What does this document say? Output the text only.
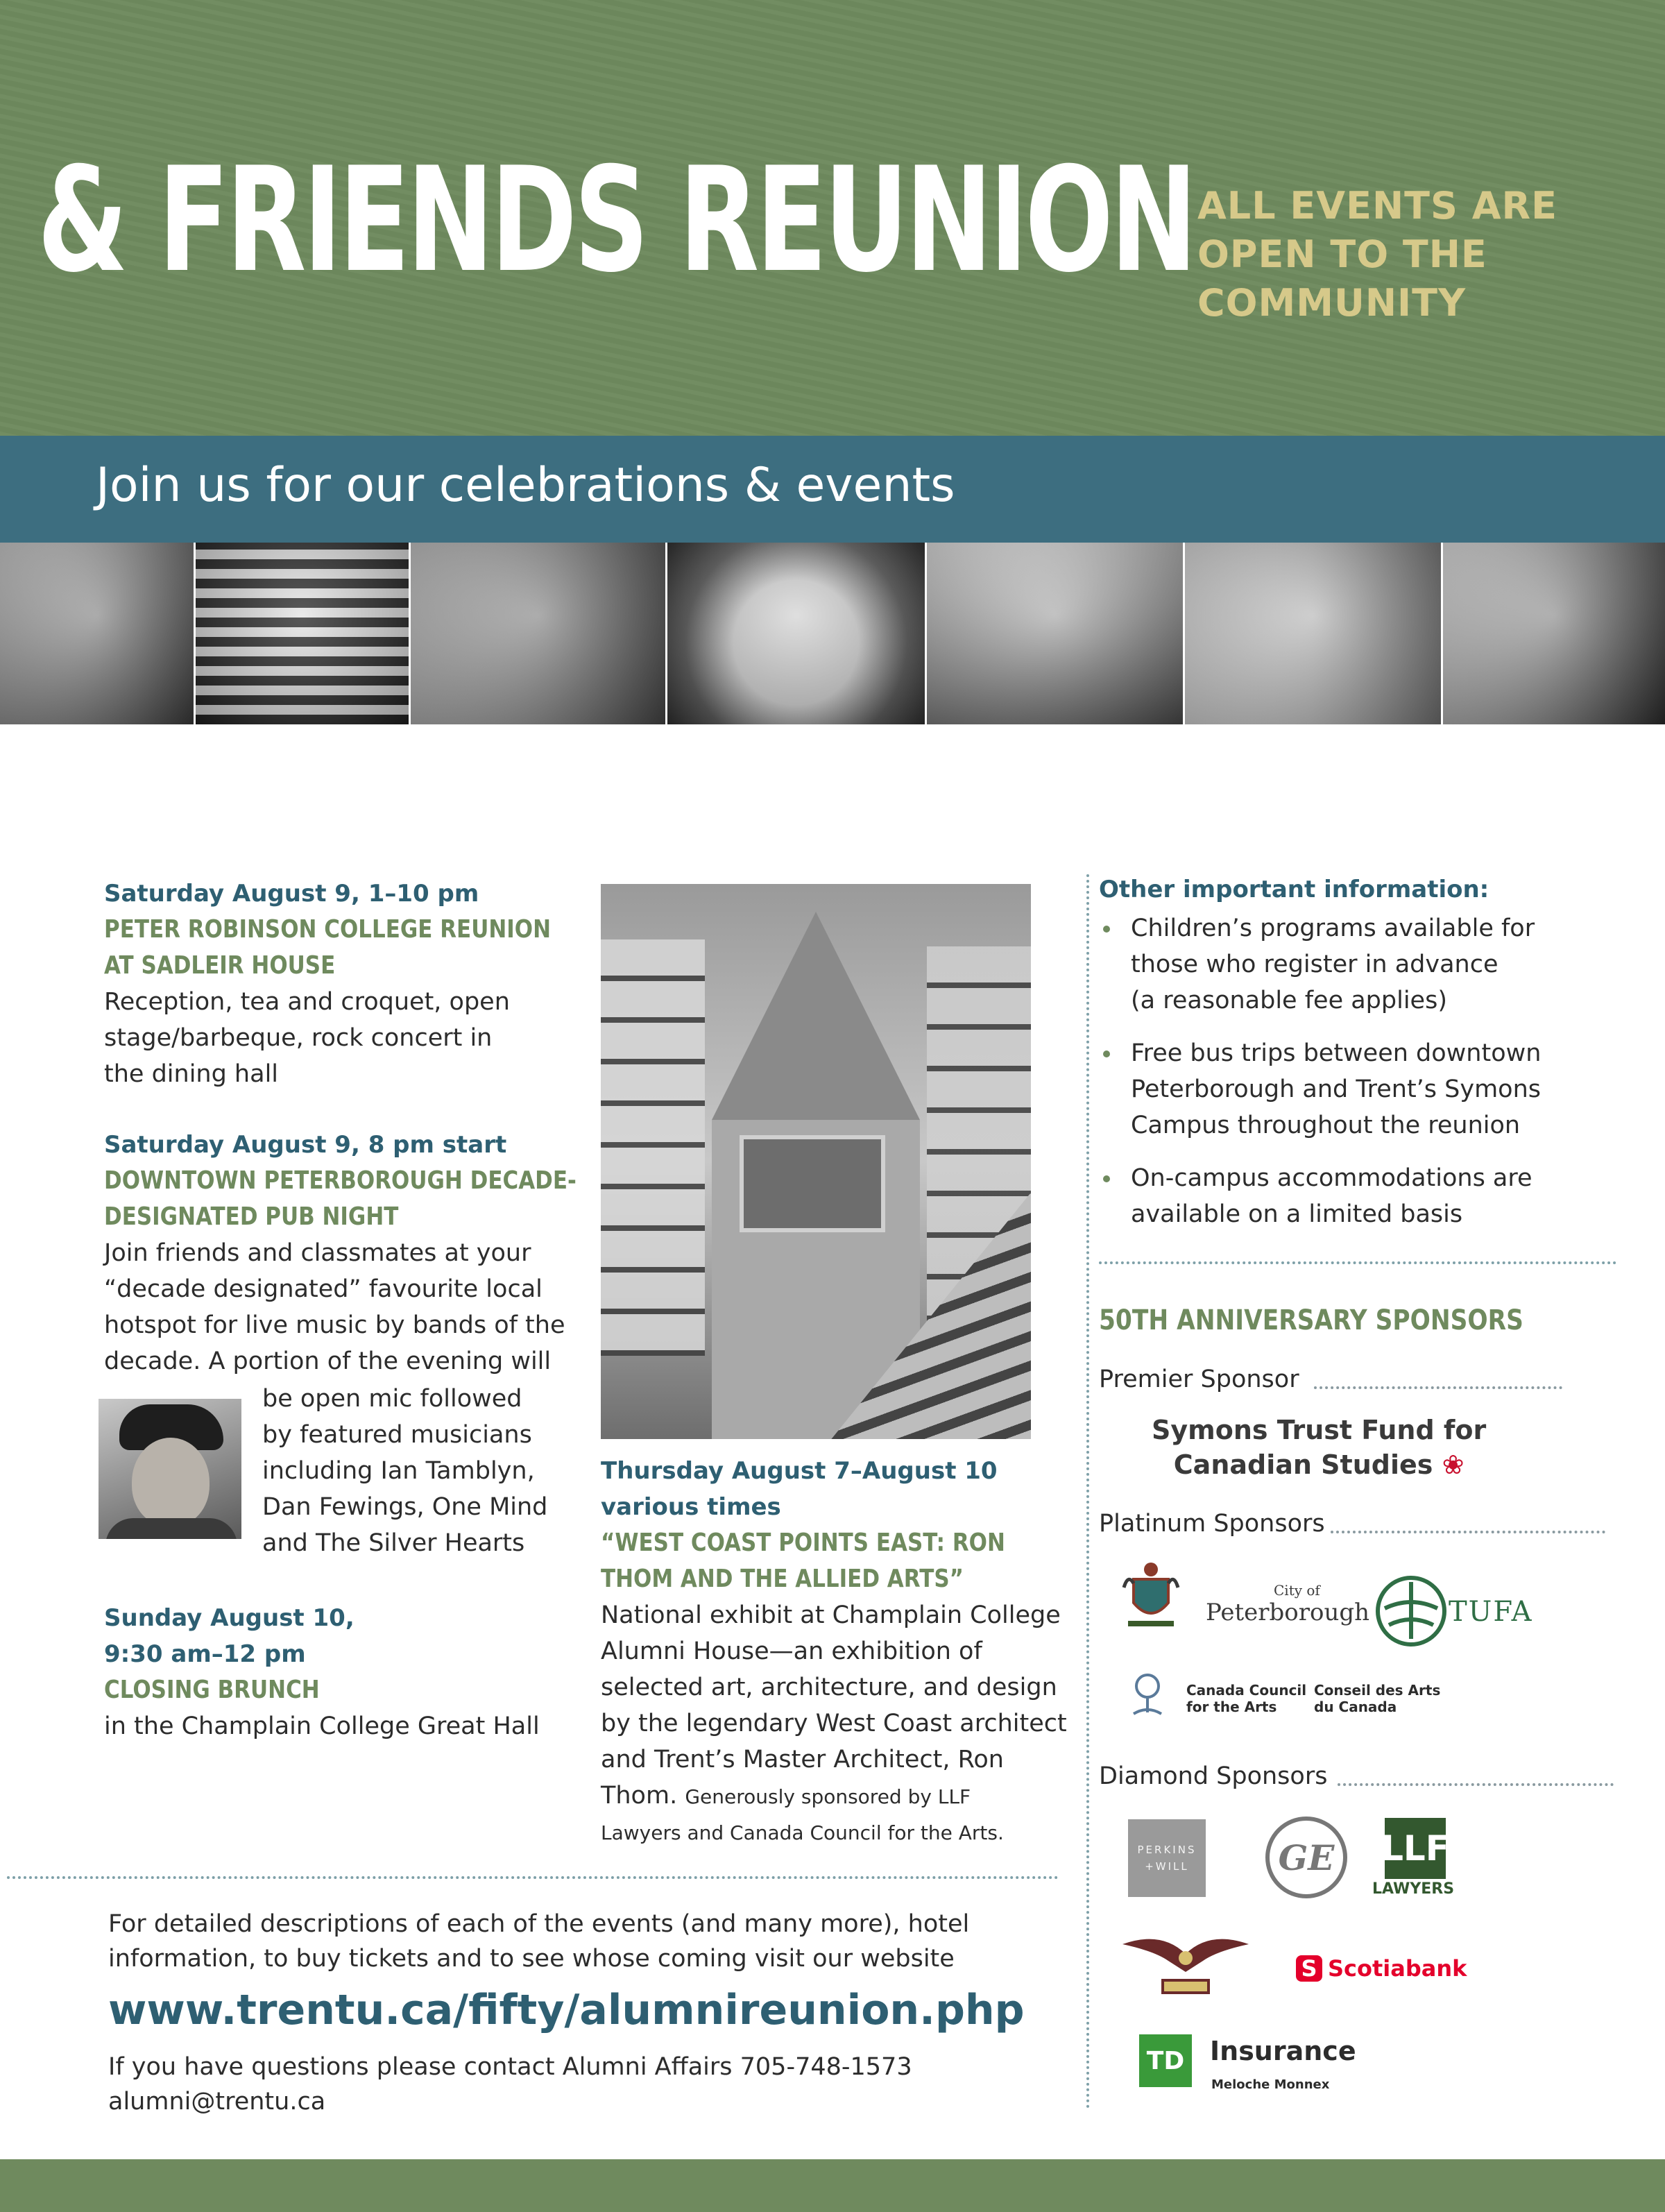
& FRIENDS REUNION ALL EVENTS ARE
OPEN TO THE
COMMUNITY
Join us for our celebrations & events
Saturday August 9, 1–10 pm
PETER ROBINSON COLLEGE REUNION
AT SADLEIR HOUSE
Reception, tea and croquet, open
stage/barbeque, rock concert in
the dining hall
Saturday August 9, 8 pm start
DOWNTOWN PETERBOROUGH DECADE-
DESIGNATED PUB NIGHT
Join friends and classmates at your
“decade designated” favourite local
hotspot for live music by bands of the
decade. A portion of the evening will
be open mic followed
by featured musicians
including Ian Tamblyn,
Dan Fewings, One Mind
and The Silver Hearts
Sunday August 10,
9:30 am–12 pm
CLOSING BRUNCH
in the Champlain College Great Hall
Thursday August 7–August 10
various times
“WEST COAST POINTS EAST: RON
THOM AND THE ALLIED ARTS”
National exhibit at Champlain College
Alumni House—an exhibition of
selected art, architecture, and design
by the legendary West Coast architect
and Trent’s Master Architect, Ron
Thom. Generously sponsored by LLF
Lawyers and Canada Council for the Arts.
Other important information:
Children’s programs available for
those who register in advance
(a reasonable fee applies)
Free bus trips between downtown
Peterborough and Trent’s Symons
Campus throughout the reunion
On-campus accommodations are
available on a limited basis
50TH ANNIVERSARY SPONSORS
Premier Sponsor
Symons Trust Fund for
Canadian Studies ❀
Platinum Sponsors
City of
Peterborough	TUFA
Canada Council
for the Arts
Conseil des Arts
du Canada
Diamond Sponsors
PERKINS
+WILL	GE	LLF
LAWYERS
S Scotiabank
TD Insurance
Meloche Monnex
For detailed descriptions of each of the events (and many more), hotel
information, to buy tickets and to see whose coming visit our website
www.trentu.ca/fifty/alumnireunion.php
If you have questions please contact Alumni Affairs 705-748-1573
alumni@trentu.ca
